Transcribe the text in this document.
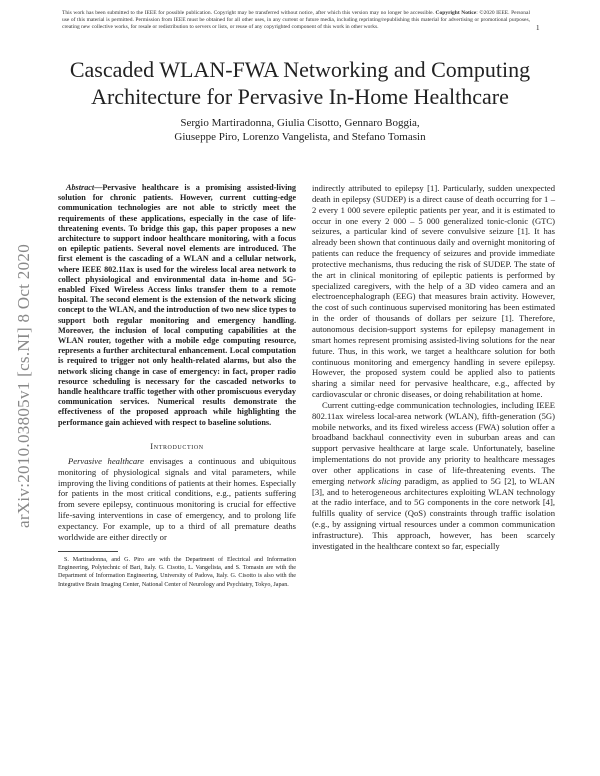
This work has been submitted to the IEEE for possible publication. Copyright may be transferred without notice, after which this version may no longer be accessible. Copyright Notice: ©2020 IEEE. Personal use of this material is permitted. Permission from IEEE must be obtained for all other uses, in any current or future media, including reprinting/republishing this material for advertising or promotional purposes, creating new collective works, for resale or redistribution to servers or lists, or reuse of any copyrighted component of this work in other works.	1
arXiv:2010.03805v1 [cs.NI] 8 Oct 2020
Cascaded WLAN-FWA Networking and Computing Architecture for Pervasive In-Home Healthcare
Sergio Martiradonna, Giulia Cisotto, Gennaro Boggia,
Giuseppe Piro, Lorenzo Vangelista, and Stefano Tomasin

Abstract—Pervasive healthcare is a promising assisted-living solution for chronic patients. However, current cutting-edge communication technologies are not able to strictly meet the requirements of these applications, especially in the case of life-threatening events. To bridge this gap, this paper proposes a new architecture to support indoor healthcare monitoring, with a focus on epileptic patients. Several novel elements are introduced. The first element is the cascading of a WLAN and a cellular network, where IEEE 802.11ax is used for the wireless local area network to collect physiological and environmental data in-home and 5G-enabled Fixed Wireless Access links transfer them to a remote hospital. The second element is the extension of the network slicing concept to the WLAN, and the introduction of two new slice types to support both regular monitoring and emergency handling. Moreover, the inclusion of local computing capabilities at the WLAN router, together with a mobile edge computing resource, represents a further architectural enhancement. Local computation is required to trigger not only health-related alarms, but also the network slicing change in case of emergency: in fact, proper radio resource scheduling is necessary for the cascaded networks to handle healthcare traffic together with other promiscuous everyday communication services. Numerical results demonstrate the effectiveness of the proposed approach while highlighting the performance gain achieved with respect to baseline solutions.

Introduction

Pervasive healthcare envisages a continuous and ubiquitous monitoring of physiological signals and vital parameters, while improving the living conditions of patients at their homes. Especially for patients in the most critical conditions, e.g., patients suffering from severe epilepsy, continuous monitoring is crucial for effective life-saving interventions in case of emergency, and to prolong life expectancy. For example, up to a third of all premature deaths worldwide are either directly or

S. Martiradonna, and G. Piro are with the Department of Electrical and Information Engineering, Polytechnic of Bari, Italy. G. Cisotto, L. Vangelista, and S. Tomasin are with the Department of Information Engineering, University of Padova, Italy. G. Cisotto is also with the Integrative Brain Imaging Center, National Center of Neurology and Psychiatry, Tokyo, Japan.

indirectly attributed to epilepsy [1]. Particularly, sudden unexpected death in epilepsy (SUDEP) is a direct cause of death occurring for 1 – 2 every 1 000 severe epileptic patients per year, and it is estimated to occur in one every 2 000 – 5 000 generalized tonic-clonic (GTC) seizures, a particular kind of severe convulsive seizure [1]. It has already been shown that continuous daily and overnight monitoring of patients can reduce the frequency of seizures and provide immediate protective mechanisms, thus reducing the risk of SUDEP. The state of the art in clinical monitoring of epileptic patients is performed by specialized caregivers, with the help of a 3D video camera and an electroencephalograph (EEG) that measures brain activity. However, the cost of such continuous supervised monitoring has been estimated in the order of thousands of dollars per seizure [1]. Therefore, autonomous decision-support systems for epilepsy management in smart homes represent promising assisted-living solutions for the near future. Thus, in this work, we target a healthcare solution for both continuous monitoring and emergency handling in severe epilepsy. However, the proposed system could be applied also to patients sharing a similar need for pervasive healthcare, e.g., affected by cardiovascular or chronic diseases, or doing rehabilitation at home.

Current cutting-edge communication technologies, including IEEE 802.11ax wireless local-area network (WLAN), fifth-generation (5G) mobile networks, and its fixed wireless access (FWA) solution offer a broadband backhaul connectivity even in suburban areas and can support pervasive healthcare at large scale. Unfortunately, baseline implementations do not provide any priority to healthcare messages over other applications in case of life-threatening events. The emerging network slicing paradigm, as applied to 5G [2], to WLAN [3], and to heterogeneous architectures exploiting WLAN technology at the radio interface, and to 5G components in the core network [4], fulfills quality of service (QoS) constraints through traffic isolation (e.g., by assigning virtual resources under a common communication infrastructure). This approach, however, has been scarcely investigated in the healthcare context so far, especially
